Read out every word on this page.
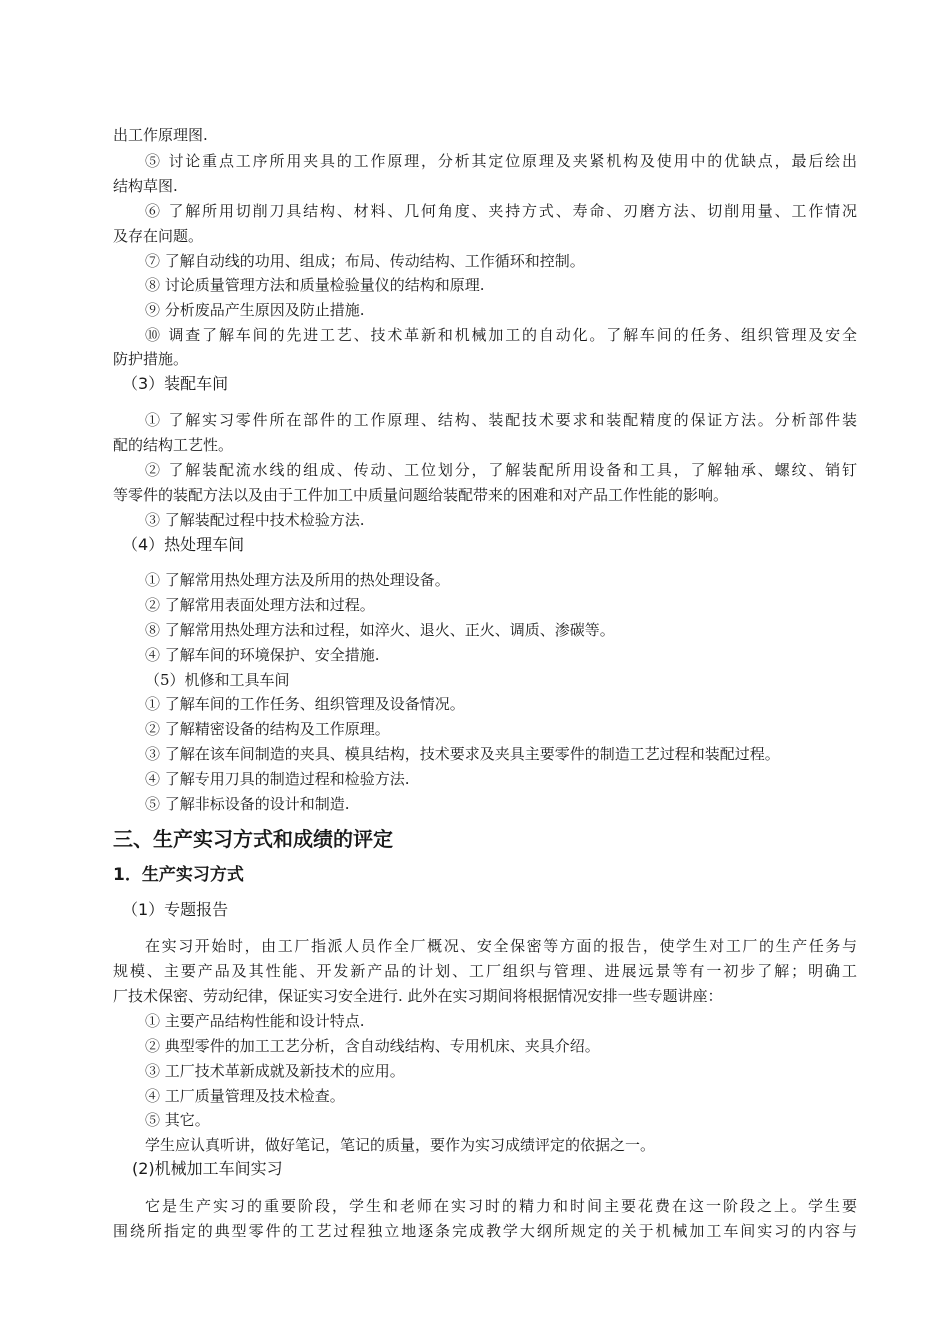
出工作原理图.
⑤ 讨论重点工序所用夹具的工作原理，分析其定位原理及夹紧机构及使用中的优缺点，最后绘出
结构草图.
⑥ 了解所用切削刀具结构、材料、几何角度、夹持方式、寿命、刃磨方法、切削用量、工作情况
及存在问题。
⑦ 了解自动线的功用、组成；布局、传动结构、工作循环和控制。
⑧ 讨论质量管理方法和质量检验量仪的结构和原理.
⑨ 分析废品产生原因及防止措施.
⑩ 调查了解车间的先进工艺、技术革新和机械加工的自动化。了解车间的任务、组织管理及安全
防护措施。
（3）装配车间
① 了解实习零件所在部件的工作原理、结构、装配技术要求和装配精度的保证方法。分析部件装
配的结构工艺性。
② 了解装配流水线的组成、传动、工位划分，了解装配所用设备和工具，了解轴承、螺纹、销钉
等零件的装配方法以及由于工件加工中质量问题给装配带来的困难和对产品工作性能的影响。
③ 了解装配过程中技术检验方法.
（4）热处理车间
① 了解常用热处理方法及所用的热处理设备。
② 了解常用表面处理方法和过程。
⑧ 了解常用热处理方法和过程，如淬火、退火、正火、调质、渗碳等。
④ 了解车间的环境保护、安全措施.
（5）机修和工具车间
① 了解车间的工作任务、组织管理及设备情况。
② 了解精密设备的结构及工作原理。
③ 了解在该车间制造的夹具、模具结构，技术要求及夹具主要零件的制造工艺过程和装配过程。
④ 了解专用刀具的制造过程和检验方法.
⑤ 了解非标设备的设计和制造.
三、生产实习方式和成绩的评定
1．生产实习方式
（1）专题报告
在实习开始时，由工厂指派人员作全厂概况、安全保密等方面的报告，使学生对工厂的生产任务与
规模、主要产品及其性能、开发新产品的计划、工厂组织与管理、进展远景等有一初步了解；明确工
厂技术保密、劳动纪律，保证实习安全进行. 此外在实习期间将根据情况安排一些专题讲座：
① 主要产品结构性能和设计特点.
② 典型零件的加工工艺分析，含自动线结构、专用机床、夹具介绍。
③ 工厂技术革新成就及新技术的应用。
④ 工厂质量管理及技术检查。
⑤ 其它。
学生应认真听讲，做好笔记，笔记的质量，要作为实习成绩评定的依据之一。
(2)机械加工车间实习
它是生产实习的重要阶段，学生和老师在实习时的精力和时间主要花费在这一阶段之上。学生要
围绕所指定的典型零件的工艺过程独立地逐条完成教学大纲所规定的关于机械加工车间实习的内容与
